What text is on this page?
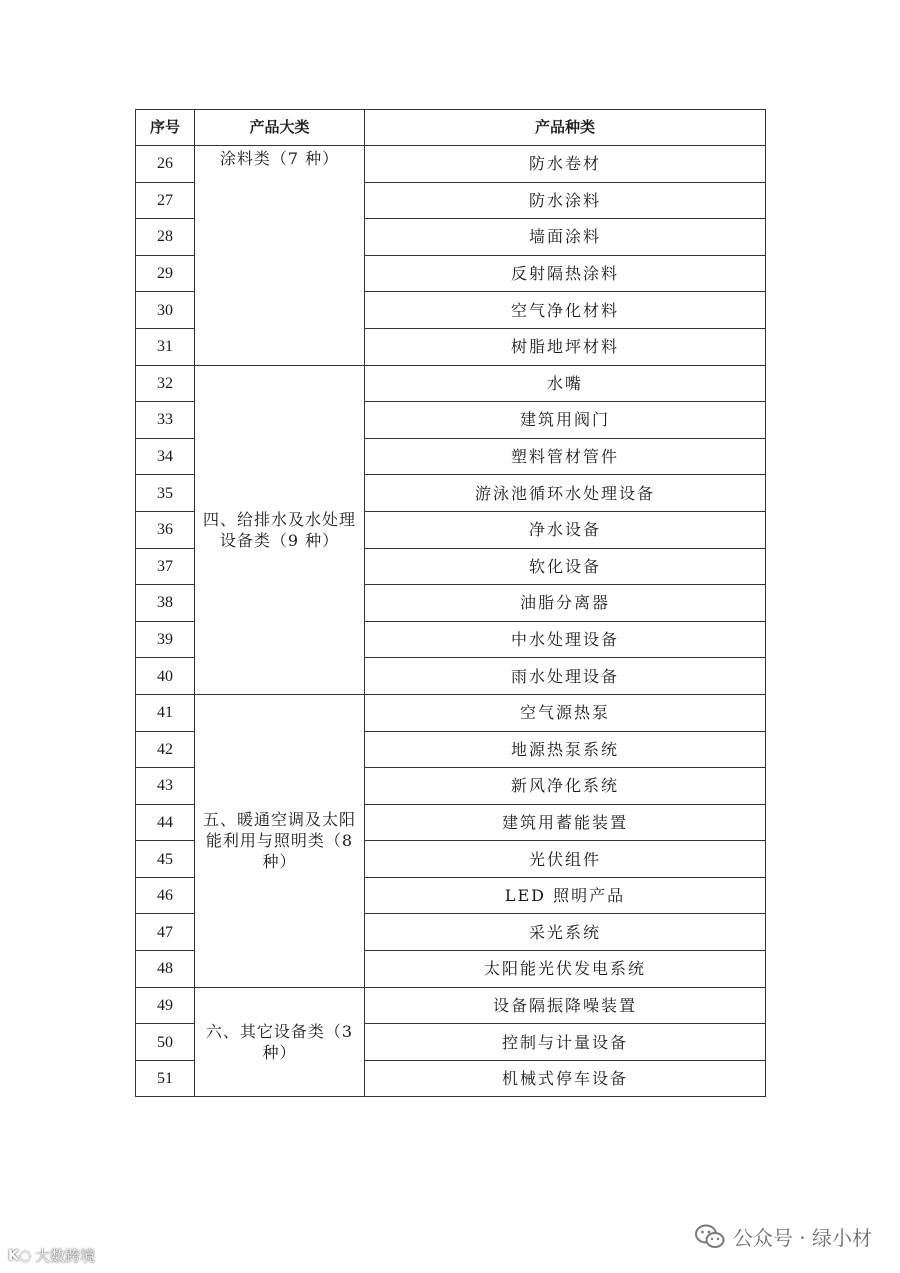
序号	产品大类	产品种类
26	涂料类（7 种）	防水卷材
27		防水涂料
28		墙面涂料
29		反射隔热涂料
30		空气净化材料
31		树脂地坪材料
32	四、给排水及水处理设备类（9 种）	水嘴
33		建筑用阀门
34		塑料管材管件
35		游泳池循环水处理设备
36		净水设备
37		软化设备
38		油脂分离器
39		中水处理设备
40		雨水处理设备
41	五、暖通空调及太阳能利用与照明类（8 种）	空气源热泵
42		地源热泵系统
43		新风净化系统
44		建筑用蓄能装置
45		光伏组件
46		LED 照明产品
47		采光系统
48		太阳能光伏发电系统
49	六、其它设备类（3 种）	设备隔振降噪装置
50		控制与计量设备
51		机械式停车设备
K◌ 大数跨境
公众号 · 绿小材
